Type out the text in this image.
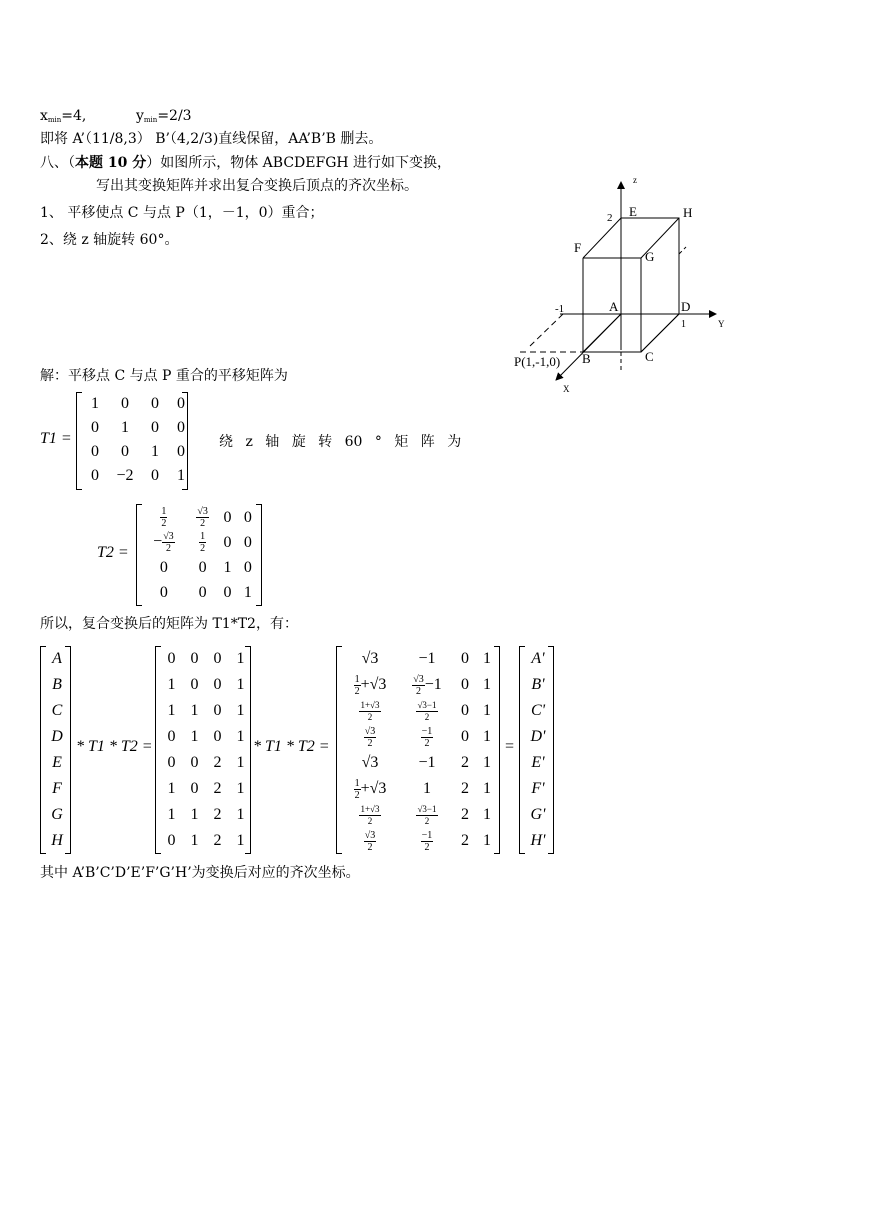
$x_{min}=4$,	$y_{min}=2/3$
即将 A’（11/8,3） B’（4,2/3)直线保留，AA’B’B 删去。
八、（本题 10 分）如图所示，物体 ABCDEFGH 进行如下变换，
写出其变换矩阵并求出复合变换后顶点的齐次坐标。
1、 平移使点 C 与点 P（1，－1，0）重合；
2、绕 z 轴旋转 60°。
z
Y
X
2
-1
1
E	H
F
G
A	D
B	C
P(1,-1,0)
解：平移点 C 与点 P 重合的平移矩阵为
T1 =
1	0	0	0
0	1	0	0
0	0	1	0
0	−2	0	1
绕 z 轴 旋 转 60 ° 矩 阵 为
T2 =
$\frac{1}{2}$	$\frac{√3}{2}$	0	0
− $\frac{√3}{2}$	$\frac{1}{2}$	0	0
0	0	1	0
0	0	0	1
所以，复合变换后的矩阵为 T1*T2，有：
A
B
C
D
E
F
G
H
* T1 * T2 =
0	0	0	1
1	0	0	1
1	1	0	1
0	1	0	1
0	0	2	1
1	0	2	1
1	1	2	1
0	1	2	1
* T1 * T2 =
√3	−1	0	1

$\frac{1}{2} +√3$	$\frac{√3}{2} -1$	0	1

$\frac{1+√3}{2}$	$\frac{√3-1}{2}$	0	1

$\frac{√3}{2}$	$\frac{-1}{2}$	0	1
√3	−1	2	1

$\frac{1}{2} +√3$	1	2	1

$\frac{1+√3}{2}$	$\frac{√3-1}{2}$	2	1

$\frac{√3}{2}$	$\frac{-1}{2}$	2	1
=
A'
B'
C'
D'
E'
F'
G'
H'
其中 A’B’C’D’E’F’G’H’为变换后对应的齐次坐标。
